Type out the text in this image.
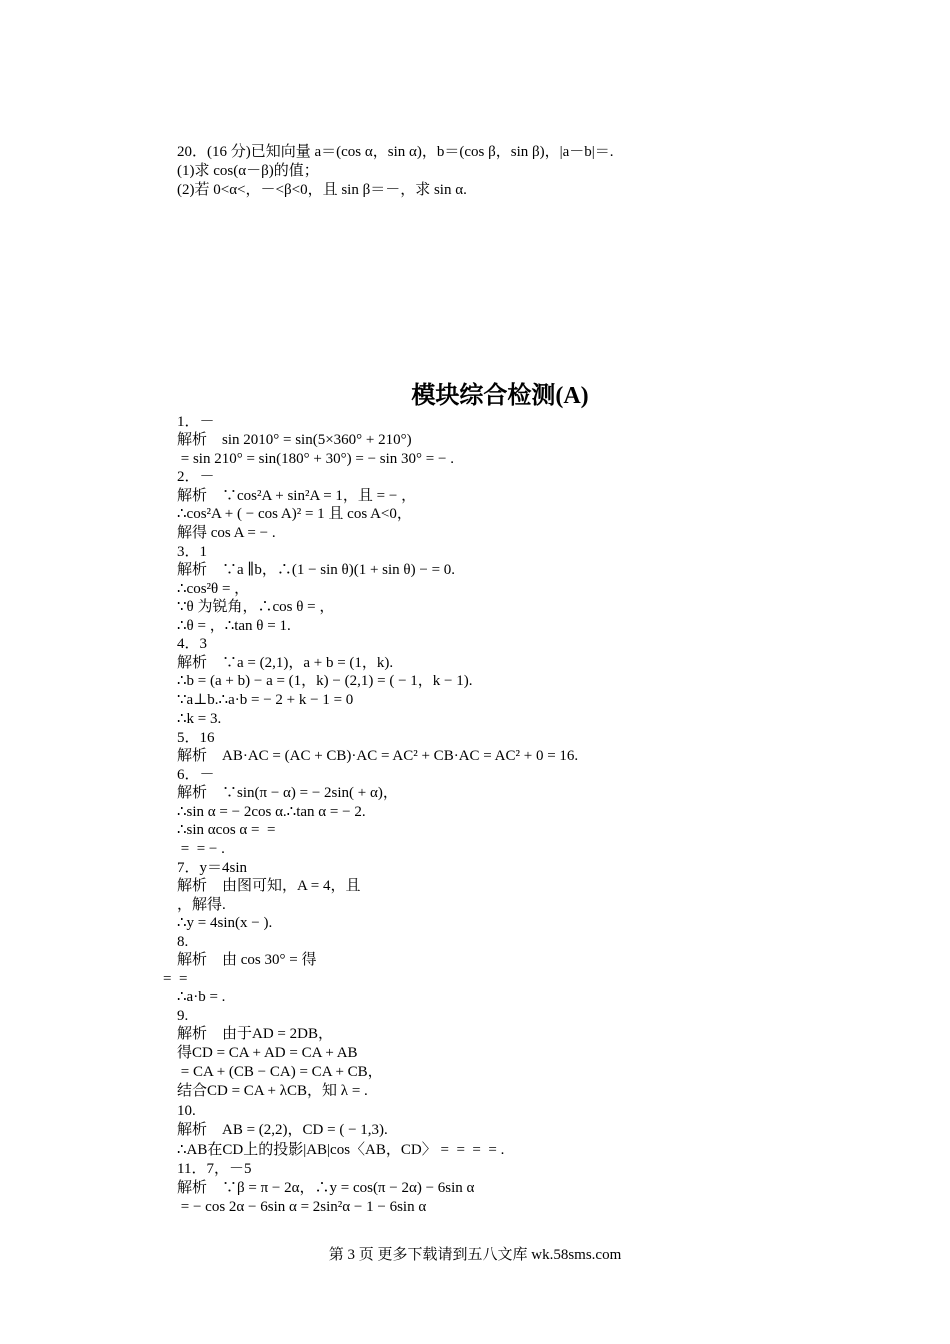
20．(16 分)已知向量 a＝(cos α，sin α)，b＝(cos β，sin β)，|a－b|＝.
(1)求 cos(α－β)的值；
(2)若 0<α<，－<β<0，且 sin β＝－，求 sin α.
模块综合检测(A)
1．－
解析　sin 2010° = sin(5×360° + 210°)
= sin 210° = sin(180° + 30°) = − sin 30° = − .
2．－
解析　∵cos²A + sin²A = 1，且 = − ，
∴cos²A + ( − cos A)² = 1 且 cos A<0，
解得 cos A = − .
3．1
解析　∵a ∥b，∴(1 − sin θ)(1 + sin θ) − = 0.
∴cos²θ = ，
∵θ 为锐角，∴cos θ = ，
∴θ = ，∴tan θ = 1.
4．3
解析　∵a = (2,1)，a + b = (1，k).
∴b = (a + b) − a = (1，k) − (2,1) = ( − 1，k − 1).
∵a⊥b.∴a·b = − 2 + k − 1 = 0
∴k = 3.
5．16
解析　AB·AC = (AC + CB)·AC = AC² + CB·AC = AC² + 0 = 16.
6．－
解析　∵sin(π − α) = − 2sin( + α)，
∴sin α = − 2cos α.∴tan α = − 2.
∴sin αcos α =  =
=  = − .
7．y＝4sin
解析　由图可知，A = 4，且
，解得.
∴y = 4sin(x − ).
8.
解析　由 cos 30° = 得
=  =
∴a·b = .
9.
解析　由于AD = 2DB，
得CD = CA + AD = CA + AB
= CA + (CB − CA) = CA + CB，
结合CD = CA + λCB，知 λ = .
10.
解析　AB = (2,2)，CD = ( − 1,3).
∴AB在CD上的投影|AB|cos〈AB，CD〉 =  =  =  = .
11．7，－5
解析　∵β = π − 2α，∴y = cos(π − 2α) − 6sin α
= − cos 2α − 6sin α = 2sin²α − 1 − 6sin α
第 3 页 更多下载请到五八文库 wk.58sms.com
